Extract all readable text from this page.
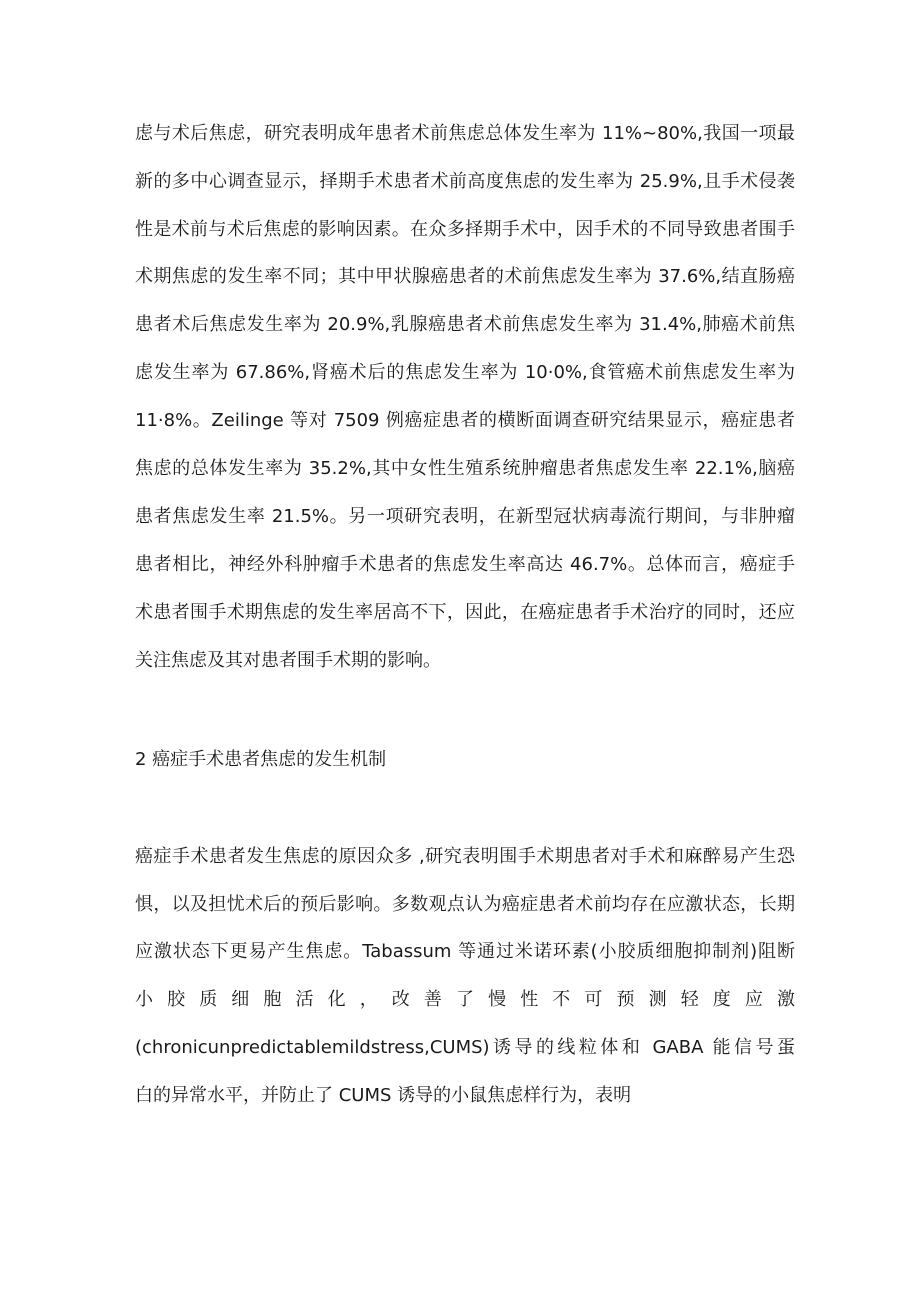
虑与术后焦虑，研究表明成年患者术前焦虑总体发生率为 11%~80%,我国一项最
新的多中心调查显示，择期手术患者术前高度焦虑的发生率为 25.9%,且手术侵袭
性是术前与术后焦虑的影响因素。在众多择期手术中，因手术的不同导致患者围手
术期焦虑的发生率不同；其中甲状腺癌患者的术前焦虑发生率为 37.6%,结直肠癌
患者术后焦虑发生率为 20.9%,乳腺癌患者术前焦虑发生率为 31.4%,肺癌术前焦
虑发生率为 67.86%,肾癌术后的焦虑发生率为 10·0%,食管癌术前焦虑发生率为
11·8%。Zeilinge 等对 7509 例癌症患者的横断面调查研究结果显示，癌症患者
焦虑的总体发生率为 35.2%,其中女性生殖系统肿瘤患者焦虑发生率 22.1%,脑癌
患者焦虑发生率 21.5%。另一项研究表明，在新型冠状病毒流行期间，与非肿瘤
患者相比，神经外科肿瘤手术患者的焦虑发生率高达 46.7%。总体而言，癌症手
术患者围手术期焦虑的发生率居高不下，因此，在癌症患者手术治疗的同时，还应
关注焦虑及其对患者围手术期的影响。
2 癌症手术患者焦虑的发生机制
癌症手术患者发生焦虑的原因众多 ,研究表明围手术期患者对手术和麻醉易产生恐
惧，以及担忧术后的预后影响。多数观点认为癌症患者术前均存在应激状态，长期
应激状态下更易产生焦虑。Tabassum 等通过米诺环素(小胶质细胞抑制剂)阻断
小胶质细胞活化，改善了慢性不可预测轻度应激
(chronicunpredictablemildstress,CUMS)诱导的线粒体和 GABA 能信号蛋
白的异常水平，并防止了 CUMS 诱导的小鼠焦虑样行为，表明
